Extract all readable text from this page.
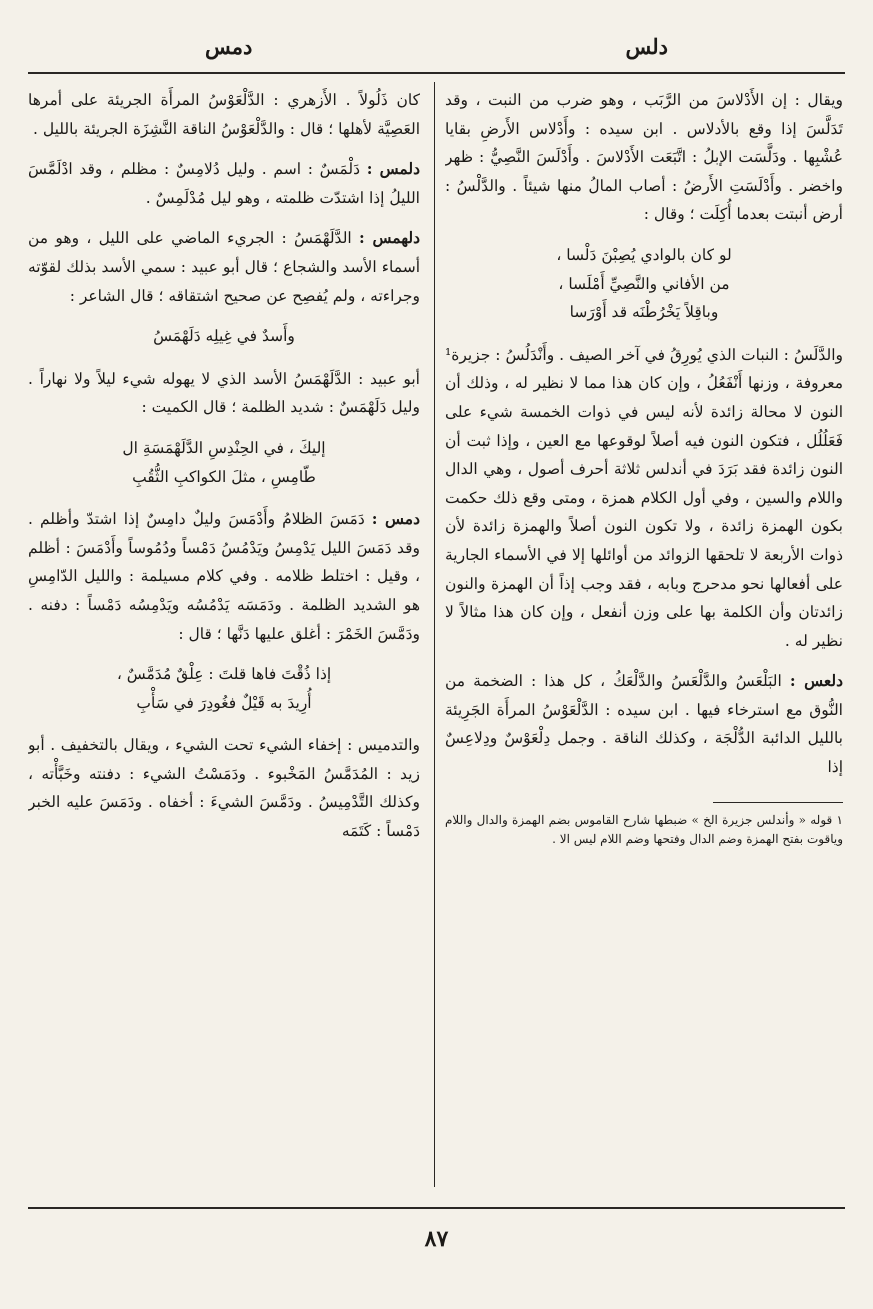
دلس
دمس

ويقال : إن الأَدْلاسَ من الرَّبَب ، وهو ضرب من النبت ، وقد تَدَلَّسَ إذا وقع بالأدلاس . ابن سيده : وأَدْلاس الأَرضِ بقايا عُشْبِها . ودَلَّسَت الإبلُ : اتَّبَعَت الأَدْلاسَ . وأَدْلَسَ النَّصِيُّ : ظهر واخضر . وأَدْلَسَتِ الأَرضُ : أصاب المالُ منها شيئاً . والدَّلْسُ : أرض أنبتت بعدما أُكِلَت ؛ وقال :

لو كان بالوادي يُصِبْنَ دَلْسا ،
من الأفاني والنَّصِيِّ أَمْلَسا ،
وباقِلاً يَخْرُطْنَه قد أَوْرَسا

والدَّلَسُ : النبات الذي يُورِقُ في آخر الصيف . وأَنْدَلُسُ : جزيرة¹ معروفة ، وزنها أَنْفَعُلُ ، وإن كان هذا مما لا نظير له ، وذلك أن النون لا محالة زائدة لأنه ليس في ذوات الخمسة شيء على فَعَلُلُل ، فتكون النون فيه أصلاً لوقوعها مع العين ، وإذا ثبت أن النون زائدة فقد بَرَدَ في أندلس ثلاثة أحرف أصول ، وهي الدال واللام والسين ، وفي أول الكلام همزة ، ومتى وقع ذلك حكمت بكون الهمزة زائدة ، ولا تكون النون أصلاً والهمزة زائدة لأن ذوات الأربعة لا تلحقها الزوائد من أوائلها إلا في الأسماء الجارية على أفعالها نحو مدحرج وبابه ، فقد وجب إذاً أن الهمزة والنون زائدتان وأن الكلمة بها على وزن أنفعل ، وإن كان هذا مثالاً لا نظير له .

دلعس : البَلْعَسُ والدَّلْعَسُ والدَّلْعَكُ ، كل هذا : الضخمة من النُّوق مع استرخاء فيها . ابن سيده : الدَّلْعَوْسُ المرأَة الجَرِيئة بالليل الدائبة الدُّلْجَة ، وكذلك الناقة . وجمل دِلْعَوْسٌ ودِلاعِسٌ إذا

١ قوله « وأندلس جزيرة الخ » ضبطها شارح القاموس بضم الهمزة والدال واللام وياقوت بفتح الهمزة وضم الدال وفتحها وضم اللام ليس الا .

كان ذَلُولاً . الأَزهري : الدَّلْعَوْسُ المرأَة الجريئة على أمرها العَصِيَّة لأهلها ؛ قال : والدَّلْعَوْسُ الناقة النَّشِزَة الجريئة بالليل .

دلمس : دَلْمَسٌ : اسم . وليل دُلامِسٌ : مظلم ، وقد ادْلَمَّسَ الليلُ إذا اشتدّت ظلمته ، وهو ليل مُدْلَمِسٌ .

دلهمس : الدَّلَهْمَسُ : الجريء الماضي على الليل ، وهو من أسماء الأسد والشجاع ؛ قال أبو عبيد : سمي الأسد بذلك لقوّته وجراءته ، ولم يُفصِح عن صحيح اشتقاقه ؛ قال الشاعر :

وأَسدٌ في غِيلِه دَلَهْمَسُ

أبو عبيد : الدَّلَهْمَسُ الأسد الذي لا يهوله شيء ليلاً ولا نهاراً . وليل دَلَهْمَسٌ : شديد الظلمة ؛ قال الكميت :

إليكَ ، في الحِنْدِسِ الدَّلَهْمَسَةِ ال
طّامِسِ ، مثلَ الكواكبِ الثُّقُبِ

دمس : دَمَسَ الظلامُ وأَدْمَسَ وليلٌ دامِسٌ إذا اشتدّ وأظلم . وقد دَمَسَ الليل يَدْمِسُ ويَدْمُسُ دَمْساً ودُمُوساً وأَدْمَسَ : أظلم ، وقيل : اختلط ظلامه . وفي كلام مسيلمة : والليل الدّامِسِ هو الشديد الظلمة . ودَمَسَه يَدْمُسُه ويَدْمِسُه دَمْساً : دفنه . ودَمَّسَ الخَمْرَ : أغلق عليها دَنَّها ؛ قال :

إذا ذُقْتَ فاها قلتَ : عِلْقٌ مُدَمَّسٌ ،
أُرِيدَ به قَيْلٌ فغُودِرَ في سَأْبِ

والتدميس : إخفاء الشيء تحت الشيء ، ويقال بالتخفيف . أبو زيد : المُدَمَّسُ المَخْبوء . ودَمَسْتُ الشيء : دفنته وخَبَّأْته ، وكذلك التَّدْمِيسُ . ودَمَّسَ الشيءَ : أخفاه . ودَمَسَ عليه الخبر دَمْساً : كَتَمَه

٨٧
